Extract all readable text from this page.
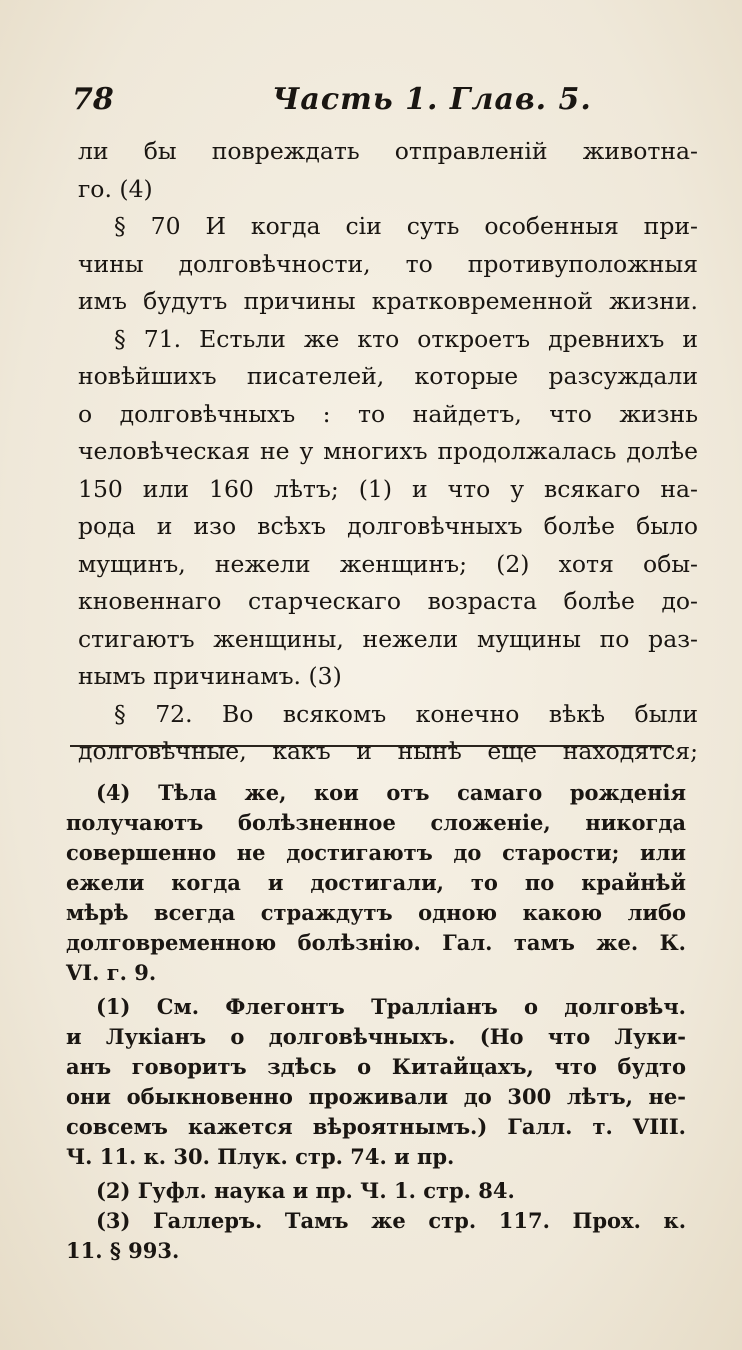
78	Часть 1. Глав. 5.
ли бы повреждать отправленій животна-
го. (4)
§ 70 И когда сіи суть особенныя при-
чины долговѣчности, то противуположныя
имъ будутъ причины кратковременной жизни.
§ 71. Естьли же кто откроетъ древнихъ и
новѣйшихъ писателей, которые разсуждали
о долговѣчныхъ : то найдетъ, что жизнь
человѣческая не у многихъ продолжалась долѣе
150 или 160 лѣтъ; (1) и что у всякаго на-
рода и изо всѣхъ долговѣчныхъ болѣе было
мущинъ, нежели женщинъ; (2) хотя обы-
кновеннаго старческаго возраста болѣе до-
стигаютъ женщины, нежели мущины по раз-
нымъ причинамъ. (3)
§ 72. Во всякомъ конечно вѣкѣ были
долговѣчные, какъ и нынѣ еще находятся;
(4) Тѣла же, кои отъ самаго рожденія
получаютъ болѣзненное сложеніе, никогда
совершенно не достигаютъ до старости; или
ежели когда и достигали, то по крайнѣй
мѣрѣ всегда страждутъ одною какою либо
долговременною болѣзнію. Гал. тамъ же. К.
VI. г. 9.
(1) См. Флегонтъ Траллiанъ о долговѣч.
и Лукiанъ о долговѣчныхъ. (Но что Луки-
анъ говоритъ здѣсь о Китайцахъ, что будто
они обыкновенно проживали до 300 лѣтъ, не-
совсемъ кажется вѣроятнымъ.) Галл. т. VIII.
Ч. 11. к. 30. Плук. стр. 74. и пр.
(2) Гуфл. наука и пр. Ч. 1. стр. 84.
(3) Галлеръ. Тамъ же стр. 117. Прох. к.
11. § 993.
